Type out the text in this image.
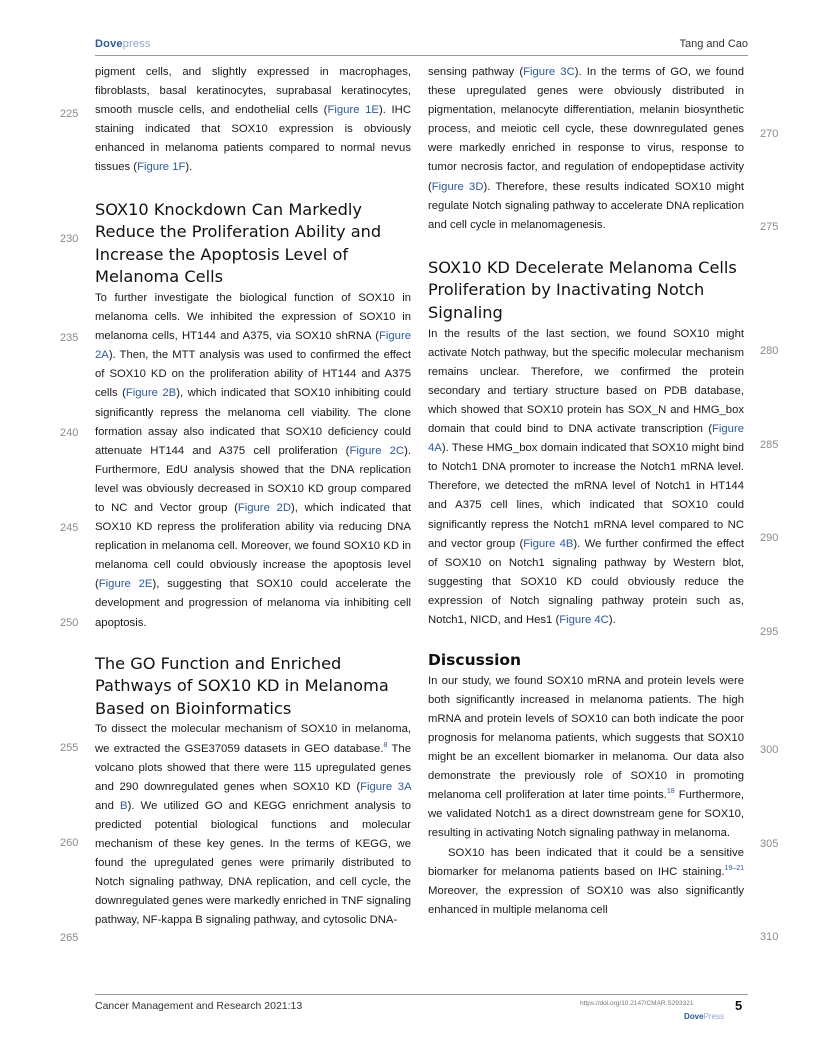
Dovepress	Tang and Cao

pigment cells, and slightly expressed in macrophages, fibroblasts, basal keratinocytes, suprabasal keratinocytes, smooth muscle cells, and endothelial cells (Figure 1E). IHC staining indicated that SOX10 expression is obviously enhanced in melanoma patients compared to normal nevus tissues (Figure 1F).

SOX10 Knockdown Can Markedly Reduce the Proliferation Ability and Increase the Apoptosis Level of Melanoma Cells

To further investigate the biological function of SOX10 in melanoma cells. We inhibited the expression of SOX10 in melanoma cells, HT144 and A375, via SOX10 shRNA (Figure 2A). Then, the MTT analysis was used to confirmed the effect of SOX10 KD on the proliferation ability of HT144 and A375 cells (Figure 2B), which indicated that SOX10 inhibiting could significantly repress the melanoma cell viability. The clone formation assay also indicated that SOX10 deficiency could attenuate HT144 and A375 cell proliferation (Figure 2C). Furthermore, EdU analysis showed that the DNA replication level was obviously decreased in SOX10 KD group compared to NC and Vector group (Figure 2D), which indicated that SOX10 KD repress the proliferation ability via reducing DNA replication in melanoma cell. Moreover, we found SOX10 KD in melanoma cell could obviously increase the apoptosis level (Figure 2E), suggesting that SOX10 could accelerate the development and progression of melanoma via inhibiting cell apoptosis.

The GO Function and Enriched Pathways of SOX10 KD in Melanoma Based on Bioinformatics

To dissect the molecular mechanism of SOX10 in melanoma, we extracted the GSE37059 datasets in GEO database.$^8$ The volcano plots showed that there were 115 upregulated genes and 290 downregulated genes when SOX10 KD (Figure 3A and B). We utilized GO and KEGG enrichment analysis to predicted potential biological functions and molecular mechanism of these key genes. In the terms of KEGG, we found the upregulated genes were primarily distributed to Notch signaling pathway, DNA replication, and cell cycle, the downregulated genes were markedly enriched in TNF signaling pathway, NF-kappa B signaling pathway, and cytosolic DNA-

sensing pathway (Figure 3C). In the terms of GO, we found these upregulated genes were obviously distributed in pigmentation, melanocyte differentiation, melanin biosynthetic process, and meiotic cell cycle, these downregulated genes were markedly enriched in response to virus, response to tumor necrosis factor, and regulation of endopeptidase activity (Figure 3D). Therefore, these results indicated SOX10 might regulate Notch signaling pathway to accelerate DNA replication and cell cycle in melanomagenesis.

SOX10 KD Decelerate Melanoma Cells Proliferation by Inactivating Notch Signaling

In the results of the last section, we found SOX10 might activate Notch pathway, but the specific molecular mechanism remains unclear. Therefore, we confirmed the protein secondary and tertiary structure based on PDB database, which showed that SOX10 protein has SOX_N and HMG_box domain that could bind to DNA activate transcription (Figure 4A). These HMG_box domain indicated that SOX10 might bind to Notch1 DNA promoter to increase the Notch1 mRNA level. Therefore, we detected the mRNA level of Notch1 in HT144 and A375 cell lines, which indicated that SOX10 could significantly repress the Notch1 mRNA level compared to NC and vector group (Figure 4B). We further confirmed the effect of SOX10 on Notch1 signaling pathway by Western blot, suggesting that SOX10 KD could obviously reduce the expression of Notch signaling pathway protein such as, Notch1, NICD, and Hes1 (Figure 4C).

Discussion

In our study, we found SOX10 mRNA and protein levels were both significantly increased in melanoma patients. The high mRNA and protein levels of SOX10 can both indicate the poor prognosis for melanoma patients, which suggests that SOX10 might be an excellent biomarker in melanoma. Our data also demonstrate the previously role of SOX10 in promoting melanoma cell proliferation at later time points.$^{18}$ Furthermore, we validated Notch1 as a direct downstream gene for SOX10, resulting in activating Notch signaling pathway in melanoma.

SOX10 has been indicated that it could be a sensitive biomarker for melanoma patients based on IHC staining.$^{19-21}$ Moreover, the expression of SOX10 was also significantly enhanced in multiple melanoma cell

225
230
235
240
245
250
255
260
265
270
275
280
285
290
295
300
305
310
Cancer Management and Research 2021:13	https://doi.org/10.2147/CMAR.S293321
DovePress
5
